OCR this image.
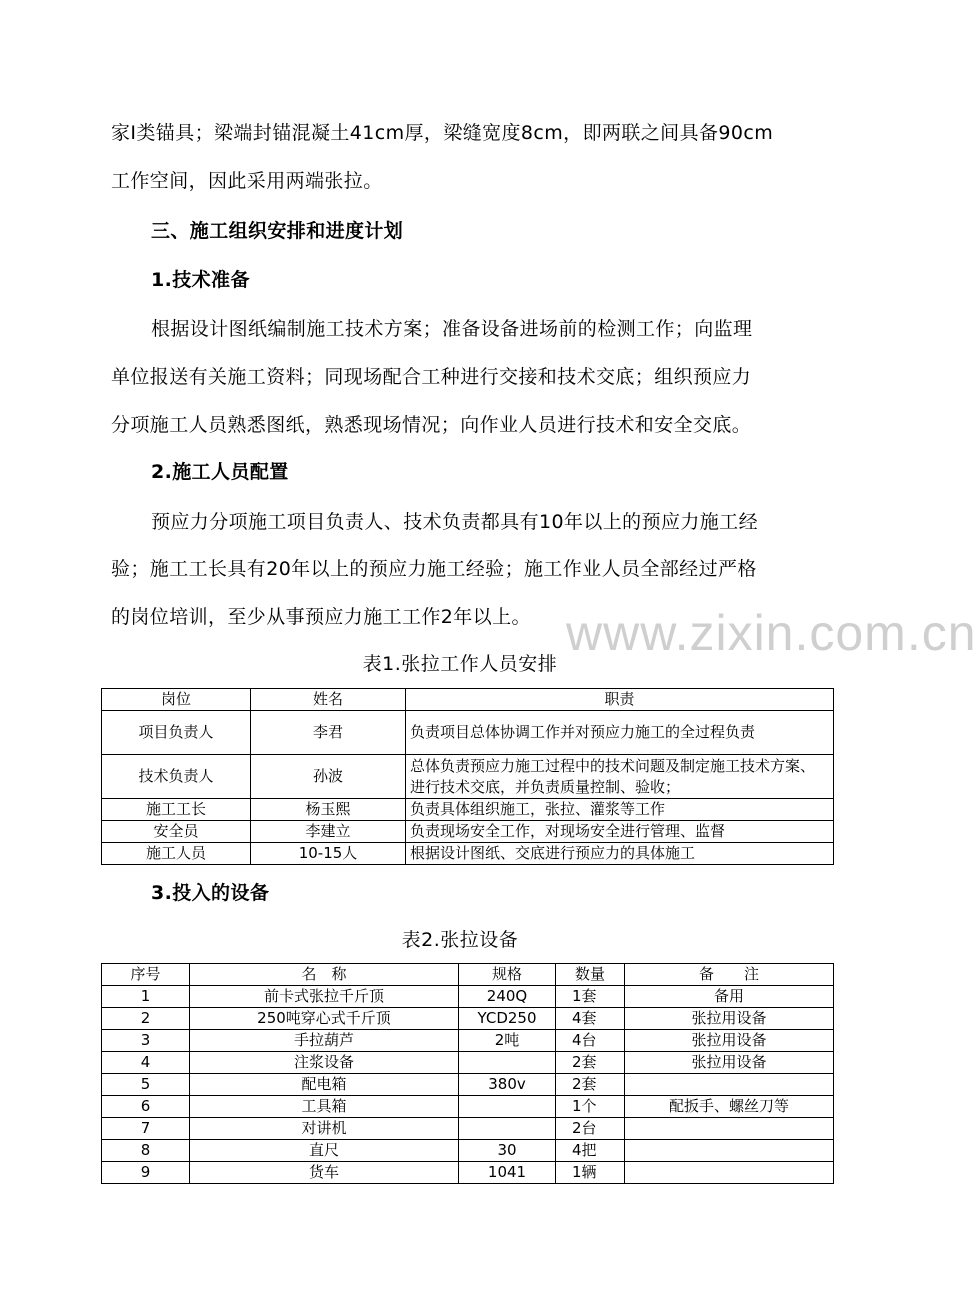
家Ⅰ类锚具；梁端封锚混凝土41cm厚，梁缝宽度8cm，即两联之间具备90cm
工作空间，因此采用两端张拉。
三、施工组织安排和进度计划
1.技术准备
根据设计图纸编制施工技术方案；准备设备进场前的检测工作；向监理
单位报送有关施工资料；同现场配合工种进行交接和技术交底；组织预应力
分项施工人员熟悉图纸，熟悉现场情况；向作业人员进行技术和安全交底。
2.施工人员配置
预应力分项施工项目负责人、技术负责都具有10年以上的预应力施工经
验；施工工长具有20年以上的预应力施工经验；施工作业人员全部经过严格
的岗位培训，至少从事预应力施工工作2年以上。 www.zixin.com.cn
表1.张拉工作人员安排
岗位	姓名	职责
项目负责人	李君	负责项目总体协调工作并对预应力施工的全过程负责
技术负责人	孙波	总体负责预应力施工过程中的技术问题及制定施工技术方案、进行技术交底，并负责质量控制、验收；
施工工长	杨玉熙	负责具体组织施工，张拉、灌浆等工作
安全员	李建立	负责现场安全工作，对现场安全进行管理、监督
施工人员	10-15人	根据设计图纸、交底进行预应力的具体施工
3.投入的设备
表2.张拉设备
序号	名　称	规格	数量	备　　注
1	前卡式张拉千斤顶	240Q	1套	备用
2	250吨穿心式千斤顶	YCD250	4套	张拉用设备
3	手拉葫芦	2吨	4台	张拉用设备
4	注浆设备		2套	张拉用设备
5	配电箱	380v	2套	
6	工具箱		1个	配扳手、螺丝刀等
7	对讲机		2台	
8	直尺	30	4把	
9	货车	1041	1辆	
